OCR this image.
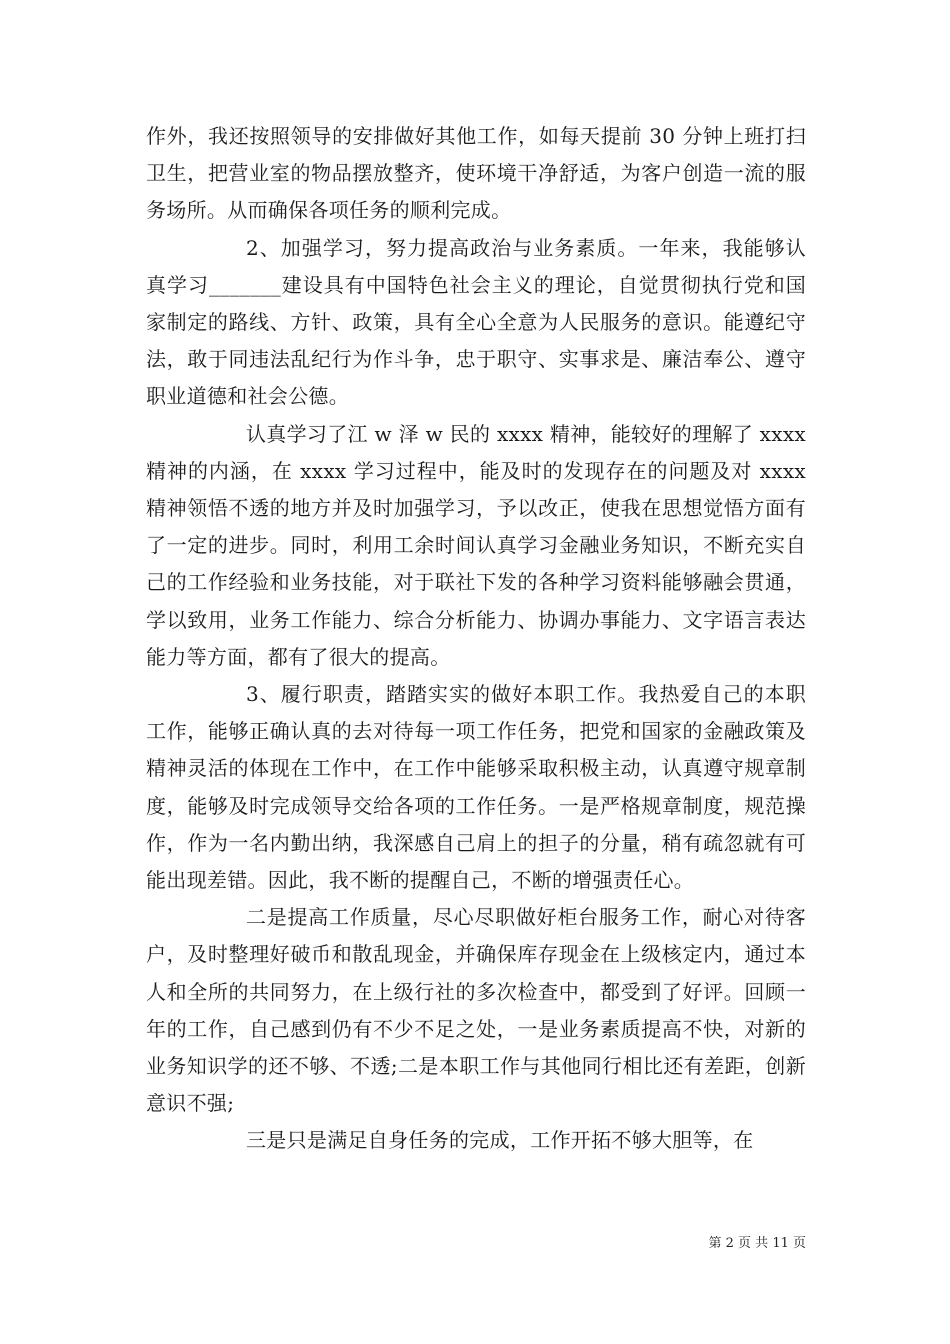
作外，我还按照领导的安排做好其他工作，如每天提前 30 分钟上班打扫卫生，把营业室的物品摆放整齐，使环境干净舒适，为客户创造一流的服务场所。从而确保各项任务的顺利完成。

2、加强学习，努力提高政治与业务素质。一年来，我能够认真学习_______建设具有中国特色社会主义的理论，自觉贯彻执行党和国家制定的路线、方针、政策，具有全心全意为人民服务的意识。能遵纪守法，敢于同违法乱纪行为作斗争，忠于职守、实事求是、廉洁奉公、遵守职业道德和社会公德。

认真学习了江 w 泽 w 民的 xxxx 精神，能较好的理解了 xxxx 精神的内涵，在 xxxx 学习过程中，能及时的发现存在的问题及对 xxxx 精神领悟不透的地方并及时加强学习，予以改正，使我在思想觉悟方面有了一定的进步。同时，利用工余时间认真学习金融业务知识，不断充实自己的工作经验和业务技能，对于联社下发的各种学习资料能够融会贯通，学以致用，业务工作能力、综合分析能力、协调办事能力、文字语言表达能力等方面，都有了很大的提高。

3、履行职责，踏踏实实的做好本职工作。我热爱自己的本职工作，能够正确认真的去对待每一项工作任务，把党和国家的金融政策及精神灵活的体现在工作中，在工作中能够采取积极主动，认真遵守规章制度，能够及时完成领导交给各项的工作任务。一是严格规章制度，规范操作，作为一名内勤出纳，我深感自己肩上的担子的分量，稍有疏忽就有可能出现差错。因此，我不断的提醒自己，不断的增强责任心。

二是提高工作质量，尽心尽职做好柜台服务工作，耐心对待客户，及时整理好破币和散乱现金，并确保库存现金在上级核定内，通过本人和全所的共同努力，在上级行社的多次检查中，都受到了好评。回顾一年的工作，自己感到仍有不少不足之处，一是业务素质提高不快，对新的业务知识学的还不够、不透;二是本职工作与其他同行相比还有差距，创新意识不强;

三是只是满足自身任务的完成，工作开拓不够大胆等，在

第 2 页 共 11 页
